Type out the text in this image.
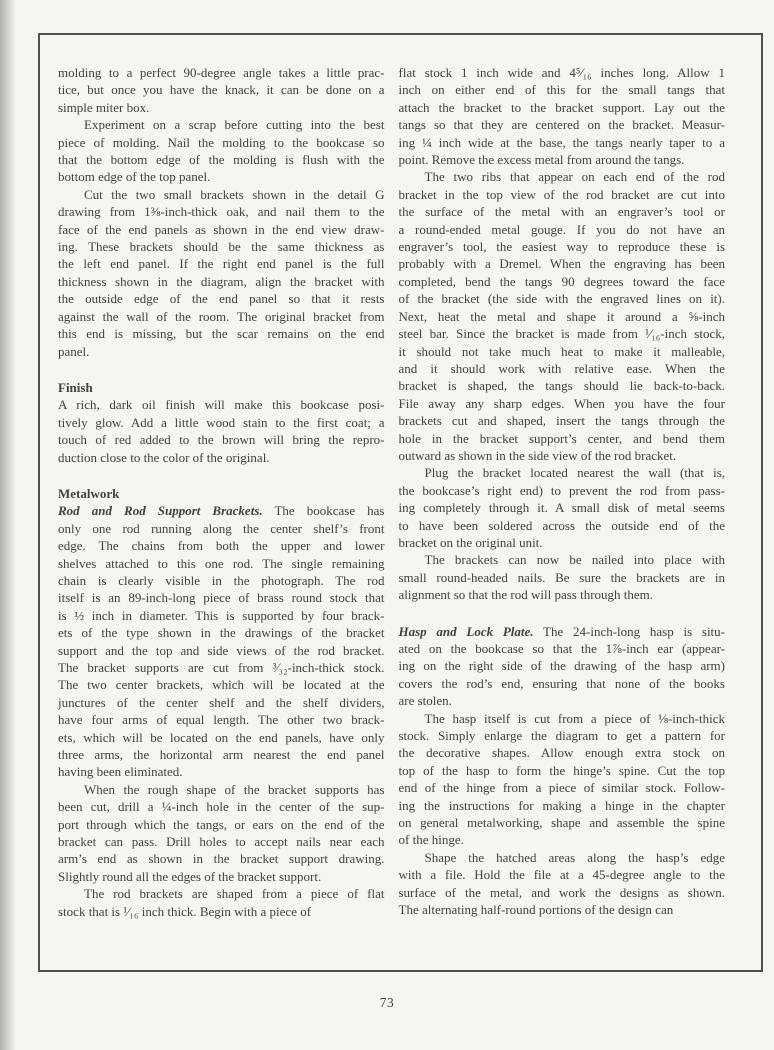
molding to a perfect 90-degree angle takes a little prac-
tice, but once you have the knack, it can be done on a
simple miter box.
Experiment on a scrap before cutting into the best
piece of molding. Nail the molding to the bookcase so
that the bottom edge of the molding is flush with the
bottom edge of the top panel.
Cut the two small brackets shown in the detail G
drawing from 1⅜-inch-thick oak, and nail them to the
face of the end panels as shown in the end view draw-
ing. These brackets should be the same thickness as
the left end panel. If the right end panel is the full
thickness shown in the diagram, align the bracket with
the outside edge of the end panel so that it rests
against the wall of the room. The original bracket from
this end is missing, but the scar remains on the end
panel.
Finish
A rich, dark oil finish will make this bookcase posi-
tively glow. Add a little wood stain to the first coat; a
touch of red added to the brown will bring the repro-
duction close to the color of the original.
Metalwork
Rod and Rod Support Brackets. The bookcase has
only one rod running along the center shelf’s front
edge. The chains from both the upper and lower
shelves attached to this one rod. The single remaining
chain is clearly visible in the photograph. The rod
itself is an 89-inch-long piece of brass round stock that
is ½ inch in diameter. This is supported by four brack-
ets of the type shown in the drawings of the bracket
support and the top and side views of the rod bracket.
The bracket supports are cut from ³⁄₃₂-inch-thick stock.
The two center brackets, which will be located at the
junctures of the center shelf and the shelf dividers,
have four arms of equal length. The other two brack-
ets, which will be located on the end panels, have only
three arms, the horizontal arm nearest the end panel
having been eliminated.
When the rough shape of the bracket supports has
been cut, drill a ¼-inch hole in the center of the sup-
port through which the tangs, or ears on the end of the
bracket can pass. Drill holes to accept nails near each
arm’s end as shown in the bracket support drawing.
Slightly round all the edges of the bracket support.
The rod brackets are shaped from a piece of flat
stock that is ¹⁄₁₆ inch thick. Begin with a piece of
flat stock 1 inch wide and 4⁵⁄₁₆ inches long. Allow 1
inch on either end of this for the small tangs that
attach the bracket to the bracket support. Lay out the
tangs so that they are centered on the bracket. Measur-
ing ¼ inch wide at the base, the tangs nearly taper to a
point. Remove the excess metal from around the tangs.
The two ribs that appear on each end of the rod
bracket in the top view of the rod bracket are cut into
the surface of the metal with an engraver’s tool or
a round-ended metal gouge. If you do not have an
engraver’s tool, the easiest way to reproduce these is
probably with a Dremel. When the engraving has been
completed, bend the tangs 90 degrees toward the face
of the bracket (the side with the engraved lines on it).
Next, heat the metal and shape it around a ⅝-inch
steel bar. Since the bracket is made from ¹⁄₁₆-inch stock,
it should not take much heat to make it malleable,
and it should work with relative ease. When the
bracket is shaped, the tangs should lie back-to-back.
File away any sharp edges. When you have the four
brackets cut and shaped, insert the tangs through the
hole in the bracket support’s center, and bend them
outward as shown in the side view of the rod bracket.
Plug the bracket located nearest the wall (that is,
the bookcase’s right end) to prevent the rod from pass-
ing completely through it. A small disk of metal seems
to have been soldered across the outside end of the
bracket on the original unit.
The brackets can now be nailed into place with
small round-headed nails. Be sure the brackets are in
alignment so that the rod will pass through them.
Hasp and Lock Plate. The 24-inch-long hasp is situ-
ated on the bookcase so that the 1⅞-inch ear (appear-
ing on the right side of the drawing of the hasp arm)
covers the rod’s end, ensuring that none of the books
are stolen.
The hasp itself is cut from a piece of ⅛-inch-thick
stock. Simply enlarge the diagram to get a pattern for
the decorative shapes. Allow enough extra stock on
top of the hasp to form the hinge’s spine. Cut the top
end of the hinge from a piece of similar stock. Follow-
ing the instructions for making a hinge in the chapter
on general metalworking, shape and assemble the spine
of the hinge.
Shape the hatched areas along the hasp’s edge
with a file. Hold the file at a 45-degree angle to the
surface of the metal, and work the designs as shown.
The alternating half-round portions of the design can
73
